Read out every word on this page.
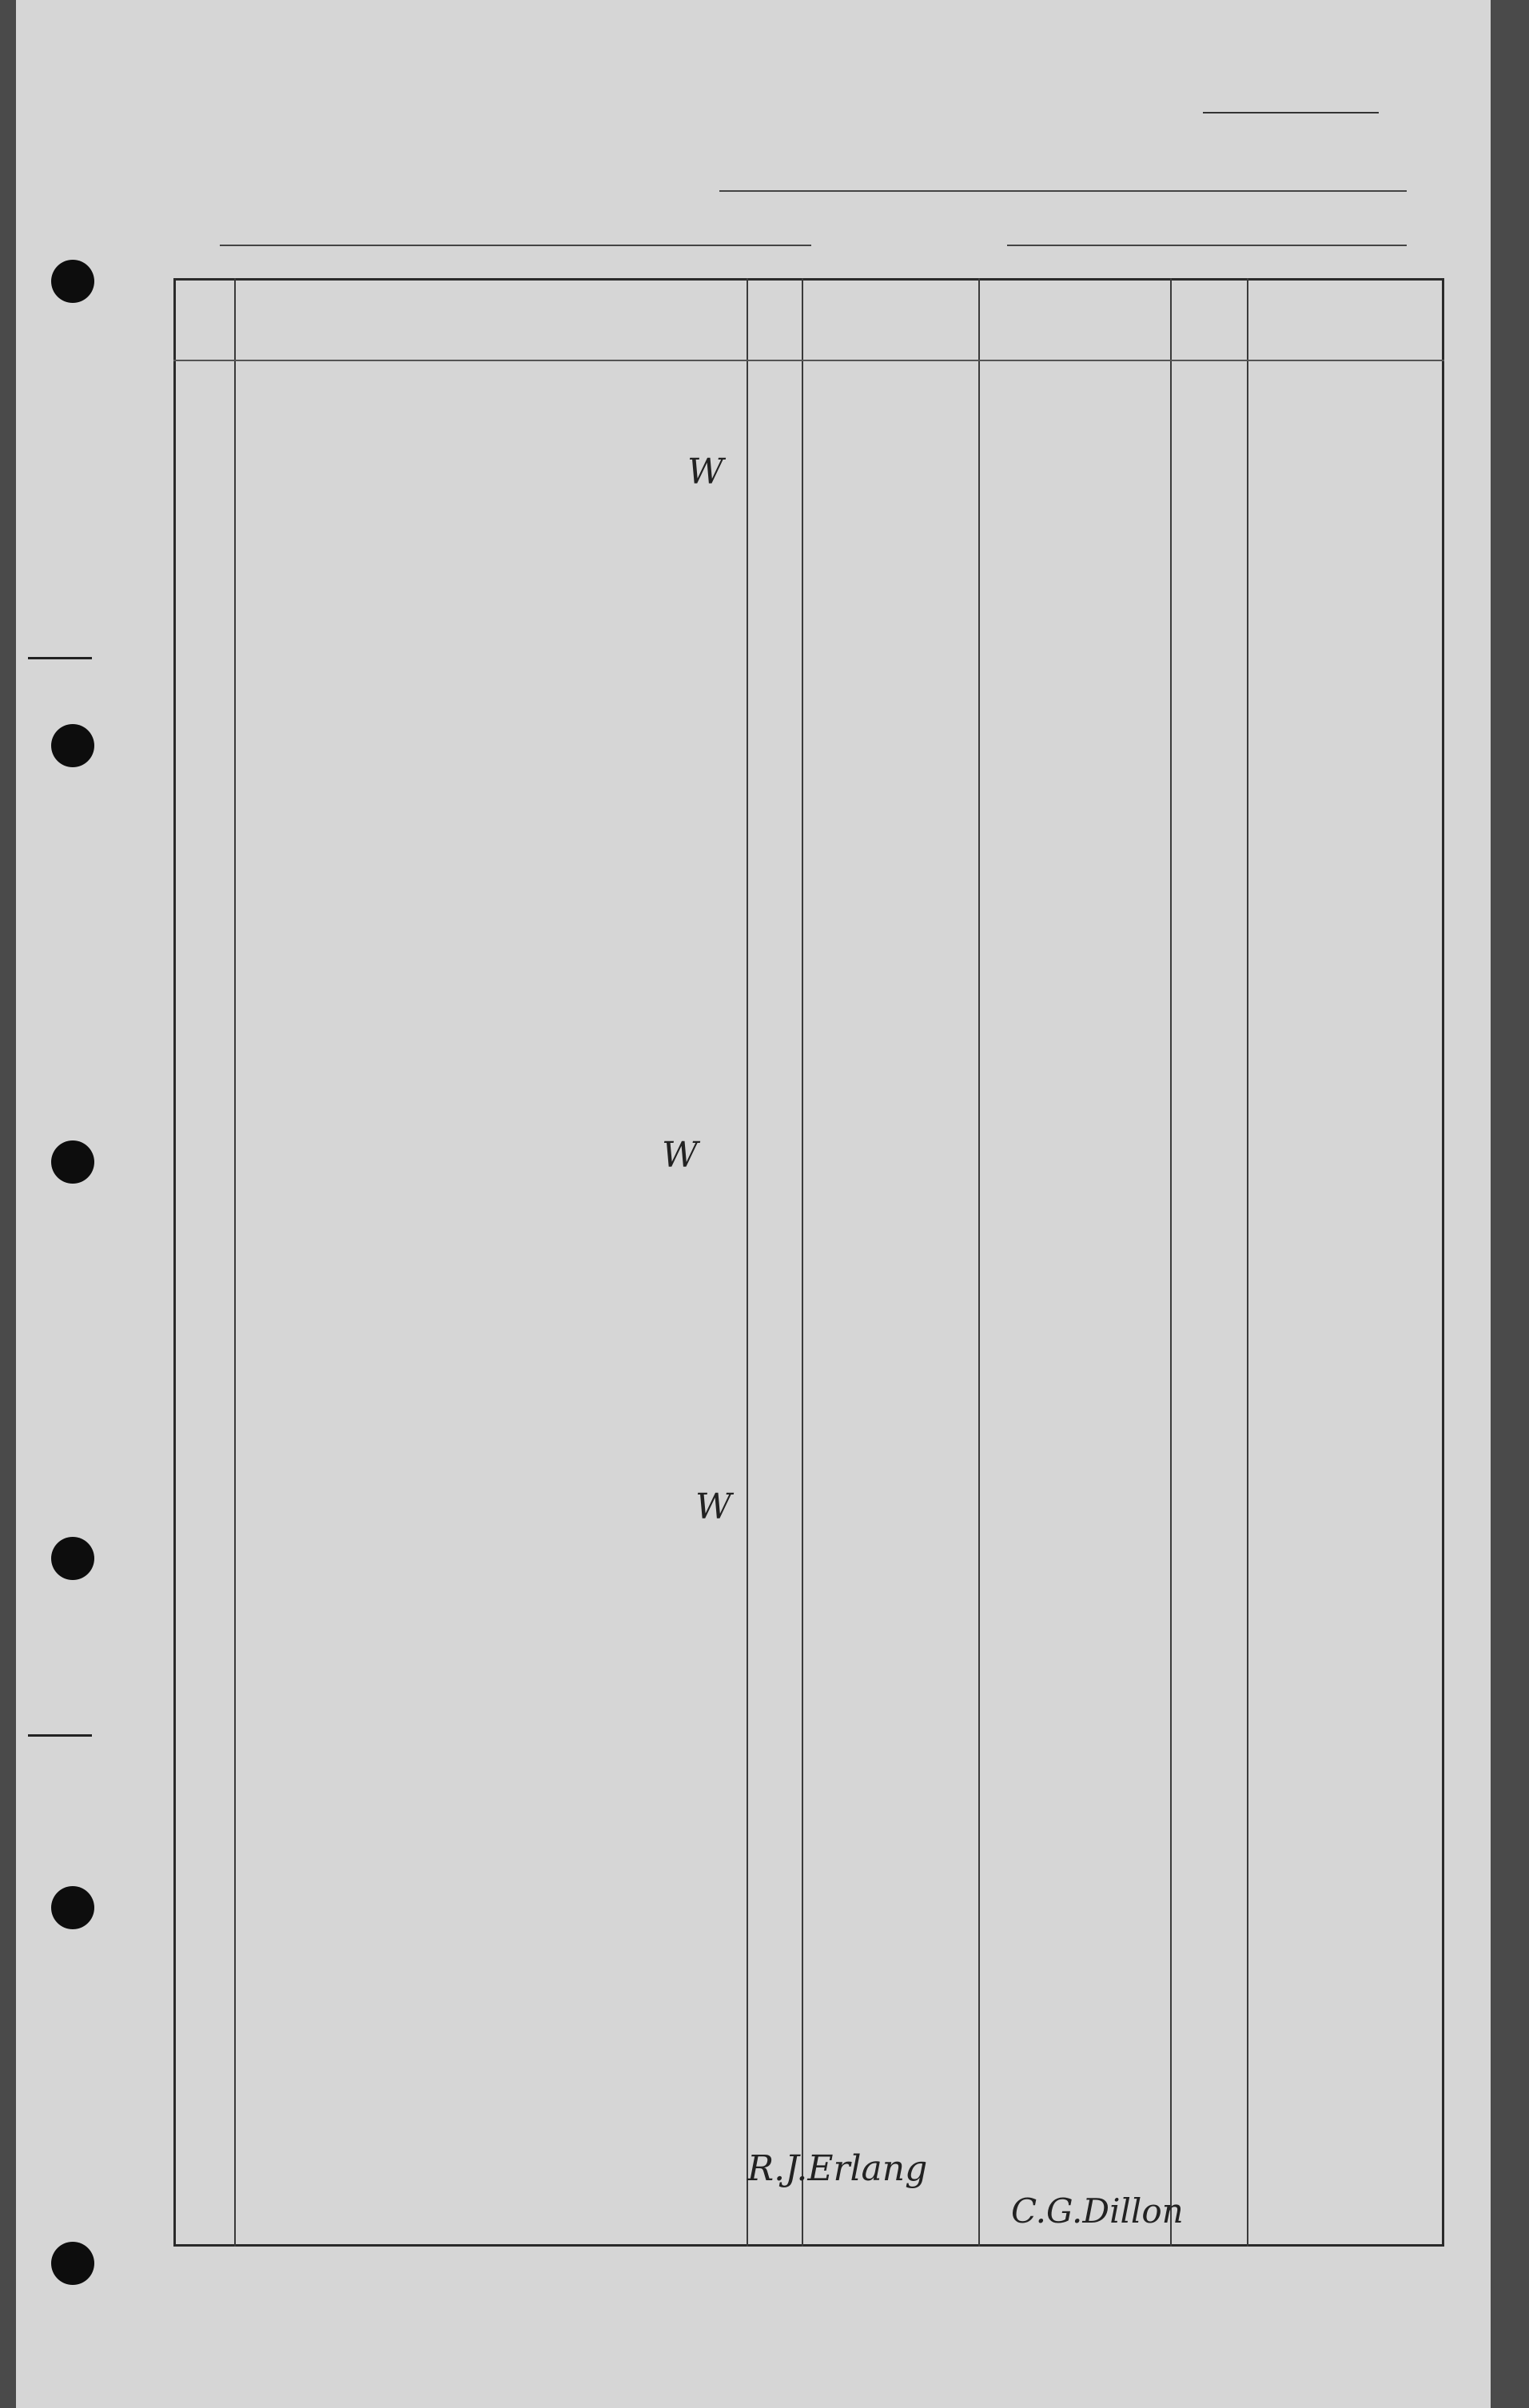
R.J.Erlang
C.G.Dillon
W
W
W
